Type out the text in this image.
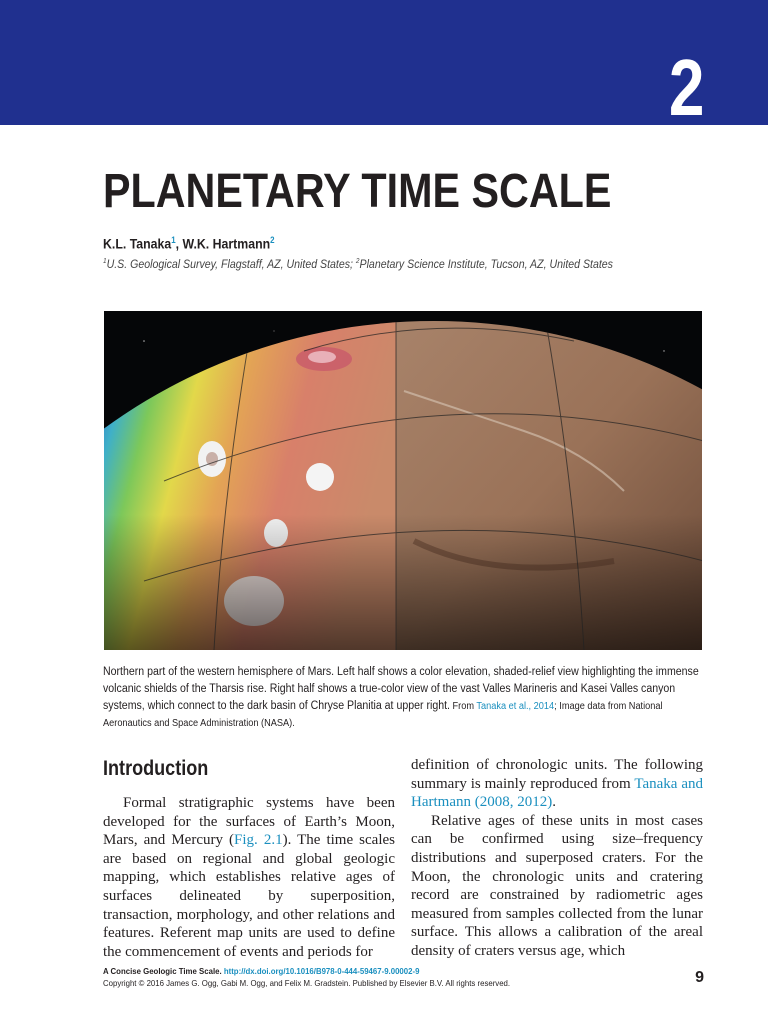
2
PLANETARY TIME SCALE
K.L. Tanaka$^1$, W.K. Hartmann$^2$
$^1$U.S. Geological Survey, Flagstaff, AZ, United States; $^2$Planetary Science Institute, Tucson, AZ, United States
Northern part of the western hemisphere of Mars. Left half shows a color elevation, shaded-relief view highlighting the immense volcanic shields of the Tharsis rise. Right half shows a true-color view of the vast Valles Marineris and Kasei Valles canyon systems, which connect to the dark basin of Chryse Planitia at upper right. From Tanaka et al., 2014; Image data from National Aeronautics and Space Administration (NASA).
Introduction

Formal stratigraphic systems have been developed for the surfaces of Earth’s Moon, Mars, and Mercury (Fig. 2.1). The time scales are based on regional and global geologic mapping, which establishes relative ages of surfaces delineated by superposition, transaction, morphology, and other relations and features. Referent map units are used to define the commencement of events and periods for

definition of chronologic units. The following summary is mainly reproduced from Tanaka and Hartmann (2008, 2012).

Relative ages of these units in most cases can be confirmed using size–frequency distributions and superposed craters. For the Moon, the chronologic units and cratering record are constrained by radiometric ages measured from samples collected from the lunar surface. This allows a calibration of the areal density of craters versus age, which

A Concise Geologic Time Scale. http://dx.doi.org/10.1016/B978-0-444-59467-9.00002-9
Copyright © 2016 James G. Ogg, Gabi M. Ogg, and Felix M. Gradstein. Published by Elsevier B.V. All rights reserved.	9
